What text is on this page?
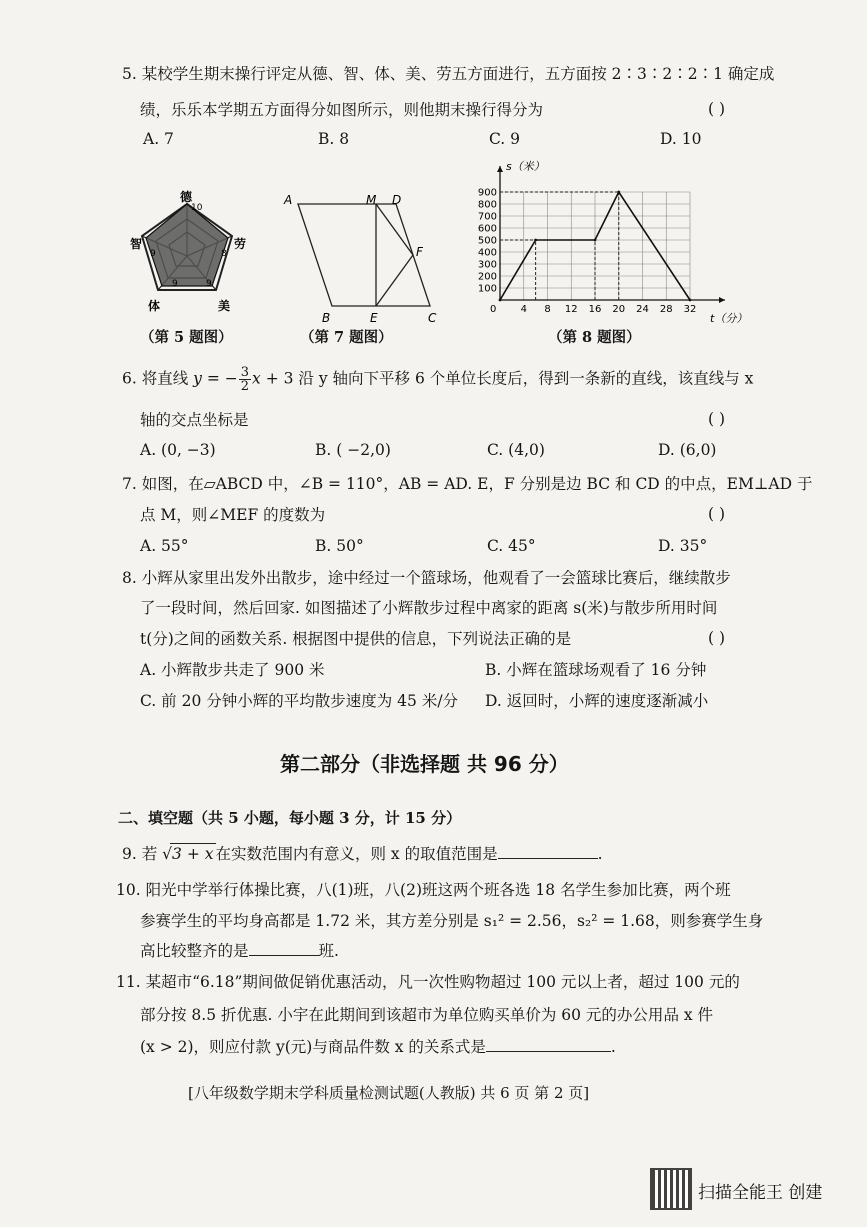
5. 某校学生期末操行评定从德、智、体、美、劳五方面进行，五方面按 2∶3∶2∶2∶1 确定成
绩，乐乐本学期五方面得分如图所示，则他期末操行得分为	( )
A. 7	B. 8	C. 9	D. 10
德
10
智
9
劳
8
体
9
美
9
（第 5 题图）
A	M D
F
B	E	C
（第 7 题图）
900
800
700
600
500
400
300
200
100
4 8 12 16 20 24 28 32
0
s（米）
t（分）
（第 8 题图）
6. 将直线 y = − $\frac{3}{2}$ x + 3 沿 y 轴向下平移 6 个单位长度后，得到一条新的直线，该直线与 x
轴的交点坐标是	( )
A. (0, −3)	B. ( −2,0)	C. (4,0)	D. (6,0)
7. 如图，在▱ABCD 中，∠B = 110°，AB = AD. E，F 分别是边 BC 和 CD 的中点，EM⊥AD 于
点 M，则∠MEF 的度数为	( )
A. 55°	B. 50°	C. 45°	D. 35°
8. 小辉从家里出发外出散步，途中经过一个篮球场，他观看了一会篮球比赛后，继续散步
了一段时间，然后回家. 如图描述了小辉散步过程中离家的距离 s(米)与散步所用时间
t(分)之间的函数关系. 根据图中提供的信息，下列说法正确的是	( )
A. 小辉散步共走了 900 米	B. 小辉在篮球场观看了 16 分钟
C. 前 20 分钟小辉的平均散步速度为 45 米/分 D. 返回时，小辉的速度逐渐减小
第二部分（非选择题 共 96 分）
二、填空题（共 5 小题，每小题 3 分，计 15 分）
9. 若 √3 + x 在实数范围内有意义，则 x 的取值范围是	.
10. 阳光中学举行体操比赛，八(1)班，八(2)班这两个班各选 18 名学生参加比赛，两个班
参赛学生的平均身高都是 1.72 米，其方差分别是 s₁² = 2.56，s₂² = 1.68，则参赛学生身
高比较整齐的是	班.
11. 某超市“6.18”期间做促销优惠活动，凡一次性购物超过 100 元以上者，超过 100 元的
部分按 8.5 折优惠. 小宇在此期间到该超市为单位购买单价为 60 元的办公用品 x 件
(x > 2)，则应付款 y(元)与商品件数 x 的关系式是	.
[八年级数学期末学科质量检测试题(人教版) 共 6 页 第 2 页]
扫描全能王 创建
